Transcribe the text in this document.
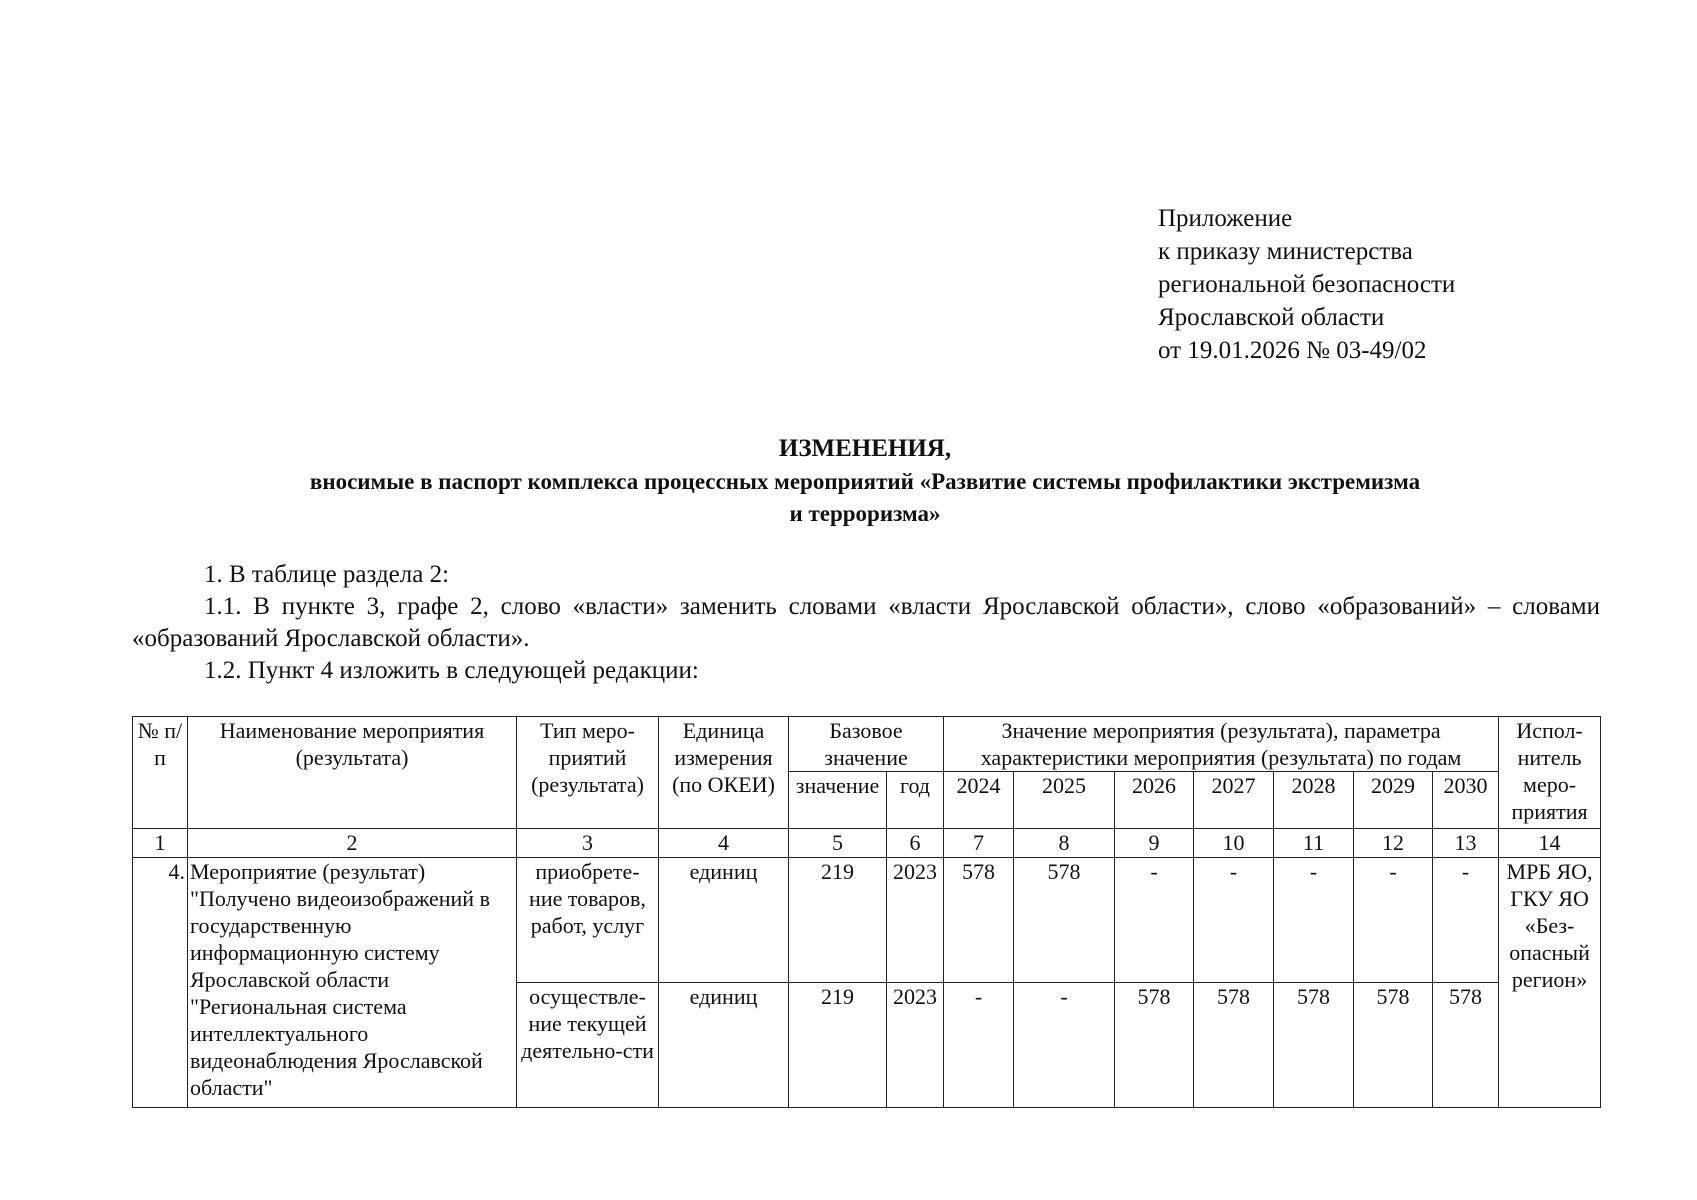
Приложение
к приказу министерства
региональной безопасности
Ярославской области
от 19.01.2026 № 03-49/02
ИЗМЕНЕНИЯ,
вносимые в паспорт комплекса процессных мероприятий «Развитие системы профилактики экстремизма
и терроризма»

1. В таблице раздела 2:

1.1. В пункте 3, графе 2, слово «власти» заменить словами «власти Ярославской области», слово «образований» – словами «образований Ярославской области».

1.2. Пункт 4 изложить в следующей редакции:

№ п/п	Наименование мероприятия (результата)	Тип меро-приятий (результата)	Единица измерения (по ОКЕИ)	Базовое значение		Значение мероприятия (результата), параметра характеристики мероприятия (результата) по годам							Испол-нитель меро-приятия
				значение	год	2024	2025	2026	2027	2028	2029	2030	
1	2	3	4	5	6	7	8	9	10	11	12	13	14
4.	Мероприятие (результат) "Получено видеоизображений в государственную информационную систему Ярославской области "Региональная система интеллектуального видеонаблюдения Ярославской области"	приобрете-ние товаров, работ, услуг	единиц	219	2023	578	578	-	-	-	-	-	МРБ ЯО, ГКУ ЯО «Без-опасный регион»
		осуществле-ние текущей деятельно-сти	единиц	219	2023	-	-	578	578	578	578	578	
